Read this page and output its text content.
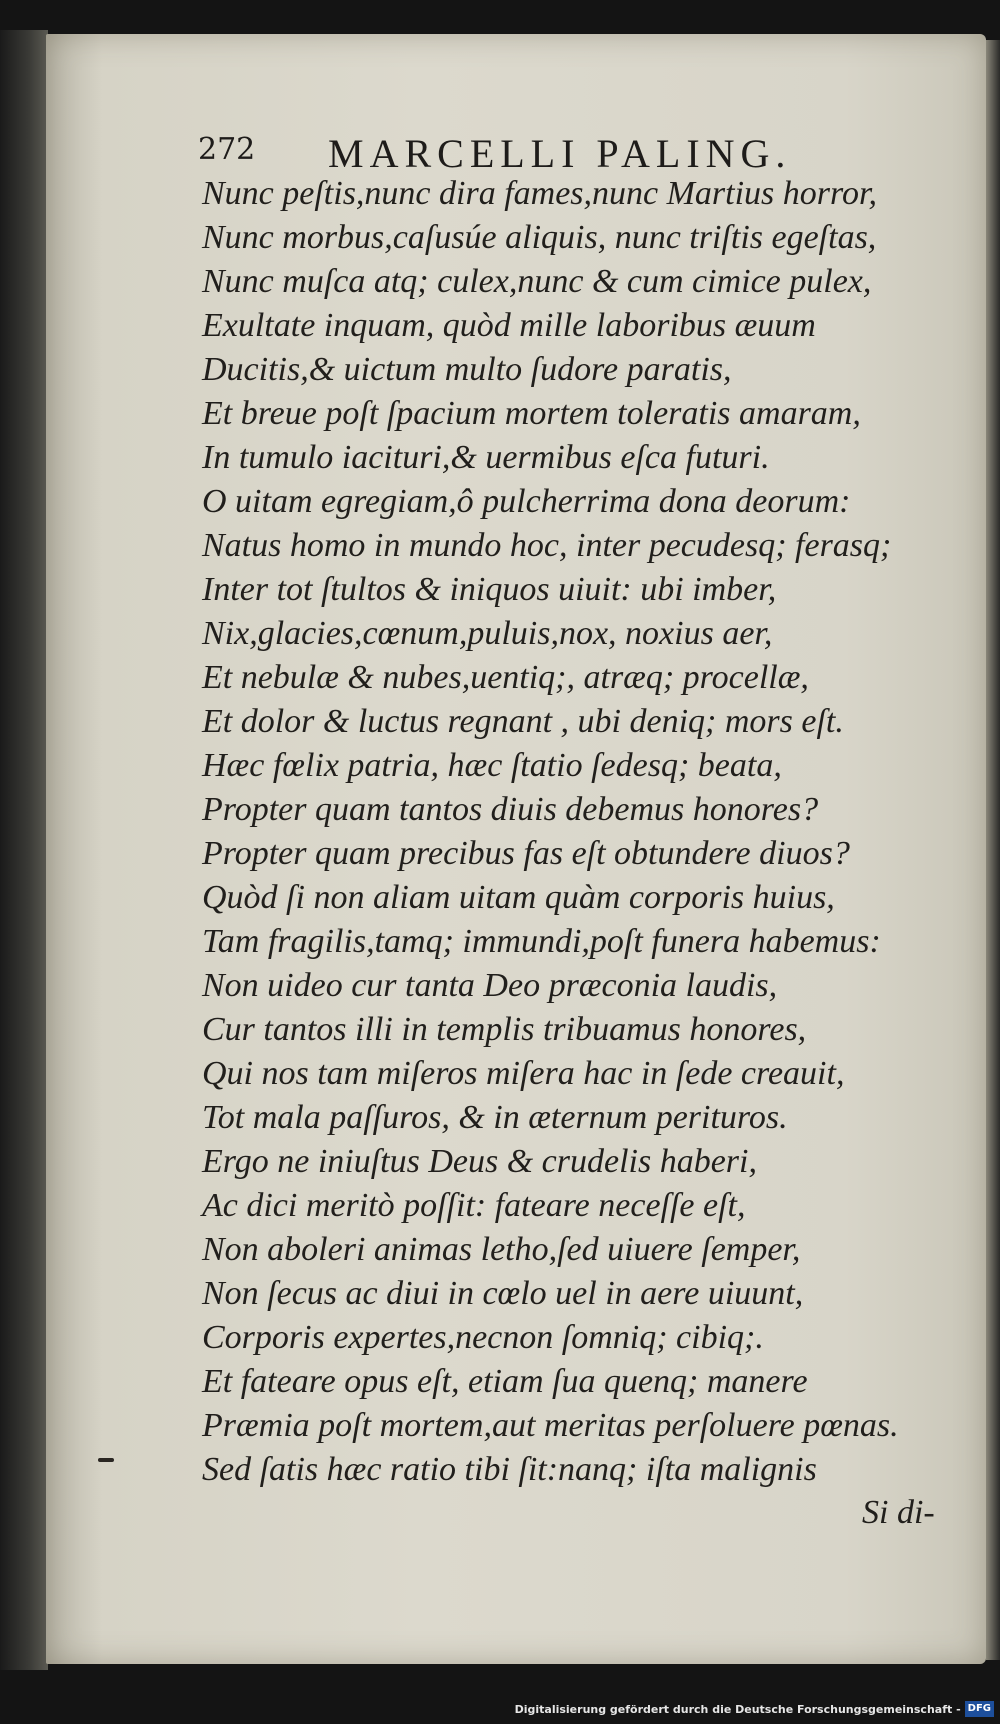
272 MARCELLI PALING.
Nunc peſtis,nunc dira fames,nunc Martius horror,
Nunc morbus,caſusúe aliquis, nunc triſtis egeſtas,
Nunc muſca atq; culex,nunc & cum cimice pulex,
Exultate inquam, quòd mille laboribus æuum
Ducitis,& uictum multo ſudore paratis,
Et breue poſt ſpacium mortem toleratis amaram,
In tumulo iacituri,& uermibus eſca futuri.
O uitam egregiam,ô pulcherrima dona deorum:
Natus homo in mundo hoc, inter pecudesq; ferasq;
Inter tot ſtultos & iniquos uiuit: ubi imber,
Nix,glacies,cœnum,puluis,nox, noxius aer,
Et nebulæ & nubes,uentiq;, atræq; procellæ,
Et dolor & luctus regnant , ubi deniq; mors eſt.
Hæc fœlix patria, hæc ſtatio ſedesq; beata,
Propter quam tantos diuis debemus honores?
Propter quam precibus fas eſt obtundere diuos?
Quòd ſi non aliam uitam quàm corporis huius,
Tam fragilis,tamq; immundi,poſt funera habemus:
Non uideo cur tanta Deo præconia laudis,
Cur tantos illi in templis tribuamus honores,
Qui nos tam miſeros miſera hac in ſede creauit,
Tot mala paſſuros, & in æternum perituros.
Ergo ne iniuſtus Deus & crudelis haberi,
Ac dici meritò poſſit: fateare neceſſe eſt,
Non aboleri animas letho,ſed uiuere ſemper,
Non ſecus ac diui in cœlo uel in aere uiuunt,
Corporis expertes,necnon ſomniq; cibiq;.
Et fateare opus eſt, etiam ſua quenq; manere
Præmia poſt mortem,aut meritas perſoluere pœnas.
Sed ſatis hæc ratio tibi ſit:nanq; iſta malignis
Si di-
Digitalisierung gefördert durch die Deutsche Forschungsgemeinschaft - DFG
